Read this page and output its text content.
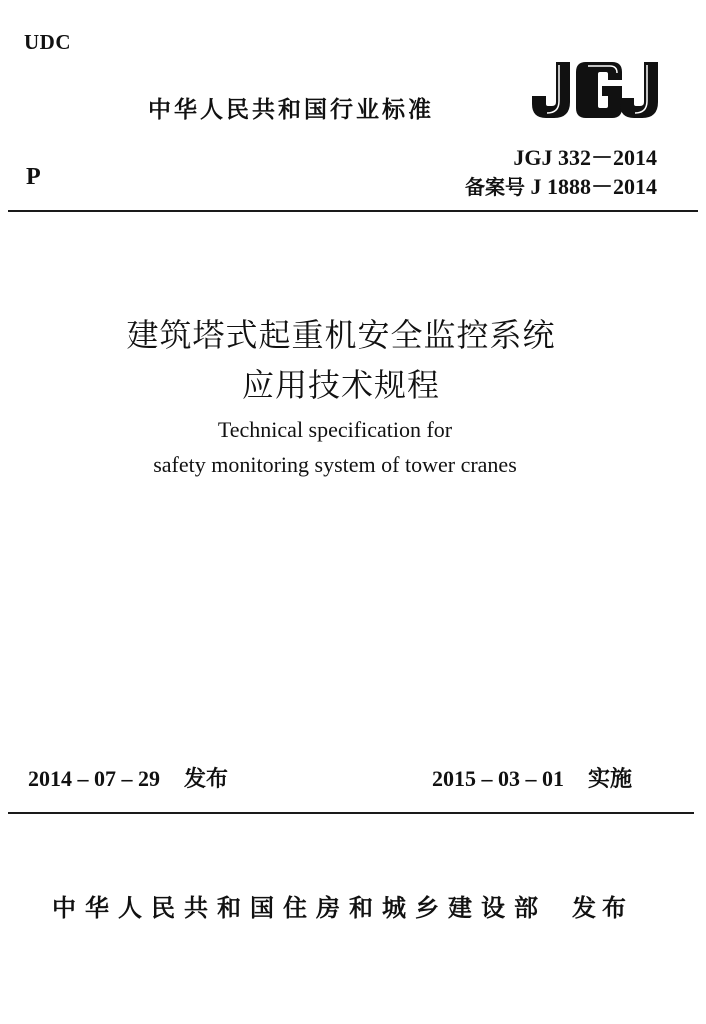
UDC
中华人民共和国行业标准
P
JGJ 332－2014
备案号 J 1888－2014
建筑塔式起重机安全监控系统
应用技术规程
Technical specification for
safety monitoring system of tower cranes
2014 – 07 – 29 发布	2015 – 03 – 01 实施
中华人民共和国住房和城乡建设部 发布
